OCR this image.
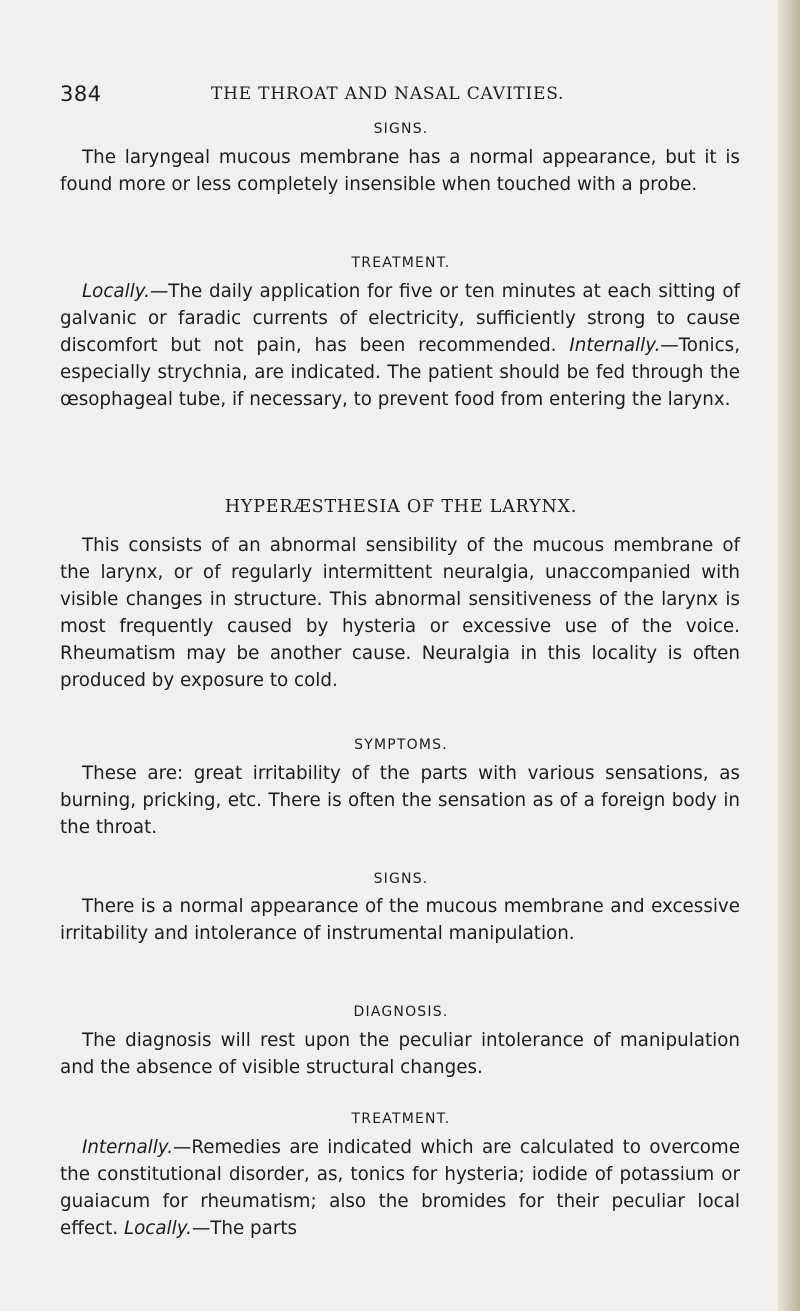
384	THE THROAT AND NASAL CAVITIES.
SIGNS.

The laryngeal mucous membrane has a normal appearance, but it is found more or less completely insensible when touched with a probe.

TREATMENT.

Locally.—The daily application for five or ten minutes at each sitting of galvanic or faradic currents of electricity, sufficiently strong to cause discomfort but not pain, has been recommended. Internally.—Tonics, especially strychnia, are indicated. The patient should be fed through the œsophageal tube, if necessary, to prevent food from entering the larynx.

HYPERÆSTHESIA OF THE LARYNX.

This consists of an abnormal sensibility of the mucous membrane of the larynx, or of regularly intermittent neuralgia, unaccompanied with visible changes in structure. This abnormal sensitiveness of the larynx is most frequently caused by hysteria or excessive use of the voice. Rheumatism may be another cause. Neuralgia in this locality is often produced by exposure to cold.

SYMPTOMS.

These are: great irritability of the parts with various sensations, as burning, pricking, etc. There is often the sensation as of a foreign body in the throat.

SIGNS.

There is a normal appearance of the mucous membrane and excessive irritability and intolerance of instrumental manipulation.

DIAGNOSIS.

The diagnosis will rest upon the peculiar intolerance of manipulation and the absence of visible structural changes.

TREATMENT.

Internally.—Remedies are indicated which are calculated to overcome the constitutional disorder, as, tonics for hysteria; iodide of potassium or guaiacum for rheumatism; also the bromides for their peculiar local effect. Locally.—The parts
